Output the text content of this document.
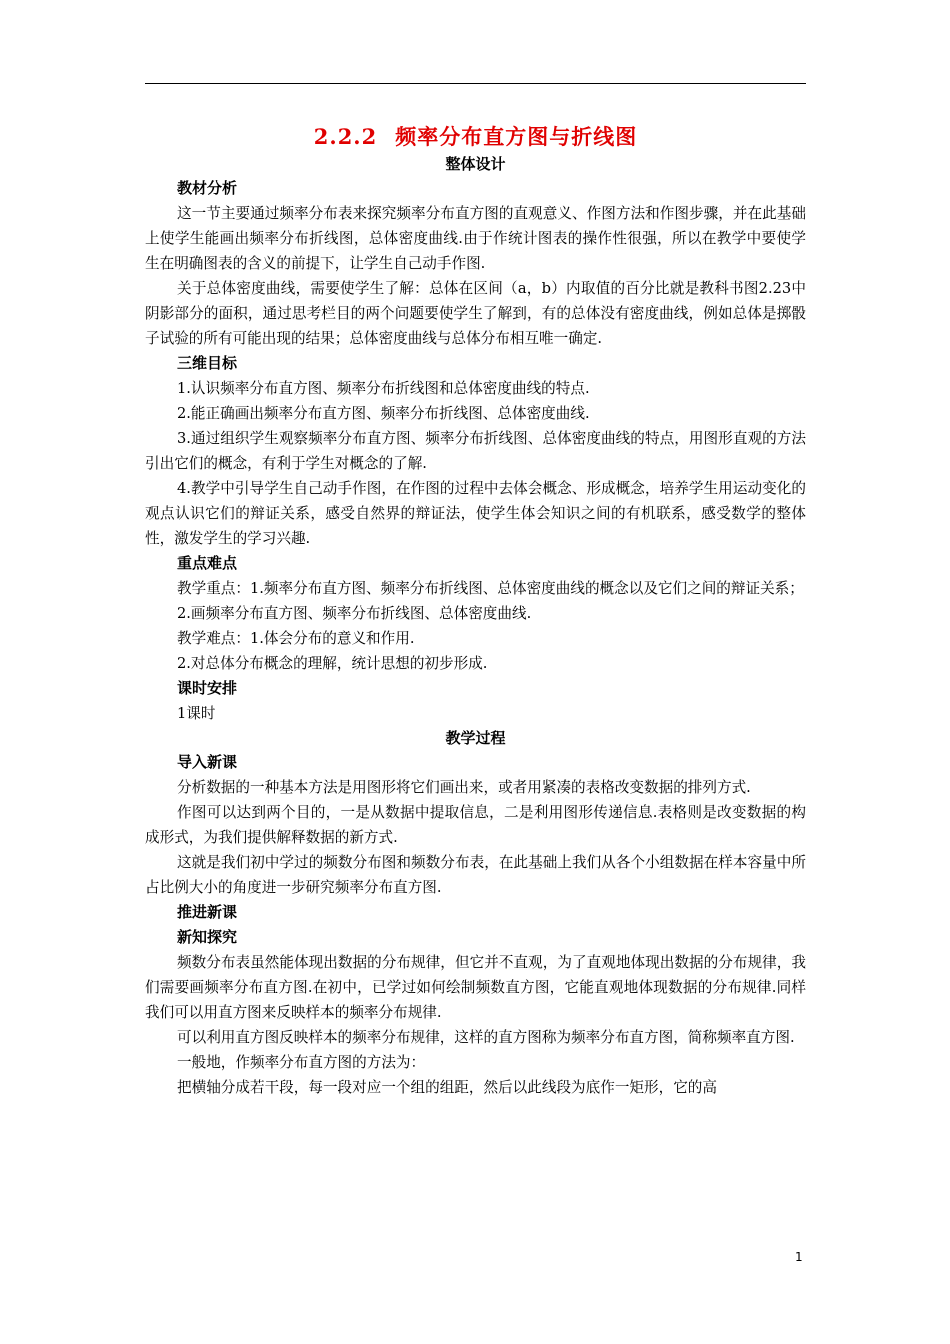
2.2.2 频率分布直方图与折线图
整体设计
教材分析

这一节主要通过频率分布表来探究频率分布直方图的直观意义、作图方法和作图步骤，并在此基础上使学生能画出频率分布折线图，总体密度曲线.由于作统计图表的操作性很强，所以在教学中要使学生在明确图表的含义的前提下，让学生自己动手作图.

关于总体密度曲线，需要使学生了解：总体在区间（a，b）内取值的百分比就是教科书图2.23中阴影部分的面积，通过思考栏目的两个问题要使学生了解到，有的总体没有密度曲线，例如总体是掷骰子试验的所有可能出现的结果；总体密度曲线与总体分布相互唯一确定.

三维目标

1.认识频率分布直方图、频率分布折线图和总体密度曲线的特点.

2.能正确画出频率分布直方图、频率分布折线图、总体密度曲线.

3.通过组织学生观察频率分布直方图、频率分布折线图、总体密度曲线的特点，用图形直观的方法引出它们的概念，有利于学生对概念的了解.

4.教学中引导学生自己动手作图，在作图的过程中去体会概念、形成概念，培养学生用运动变化的观点认识它们的辩证关系，感受自然界的辩证法，使学生体会知识之间的有机联系，感受数学的整体性，激发学生的学习兴趣.

重点难点

教学重点：1.频率分布直方图、频率分布折线图、总体密度曲线的概念以及它们之间的辩证关系；

2.画频率分布直方图、频率分布折线图、总体密度曲线.

教学难点：1.体会分布的意义和作用.

2.对总体分布概念的理解，统计思想的初步形成.

课时安排

1课时

教学过程
导入新课

分析数据的一种基本方法是用图形将它们画出来，或者用紧凑的表格改变数据的排列方式.

作图可以达到两个目的，一是从数据中提取信息，二是利用图形传递信息.表格则是改变数据的构成形式，为我们提供解释数据的新方式.

这就是我们初中学过的频数分布图和频数分布表，在此基础上我们从各个小组数据在样本容量中所占比例大小的角度进一步研究频率分布直方图.

推进新课
新知探究

频数分布表虽然能体现出数据的分布规律，但它并不直观，为了直观地体现出数据的分布规律，我们需要画频率分布直方图.在初中，已学过如何绘制频数直方图，它能直观地体现数据的分布规律.同样我们可以用直方图来反映样本的频率分布规律.

可以利用直方图反映样本的频率分布规律，这样的直方图称为频率分布直方图，简称频率直方图.

一般地，作频率分布直方图的方法为：

把横轴分成若干段，每一段对应一个组的组距，然后以此线段为底作一矩形，它的高

1
